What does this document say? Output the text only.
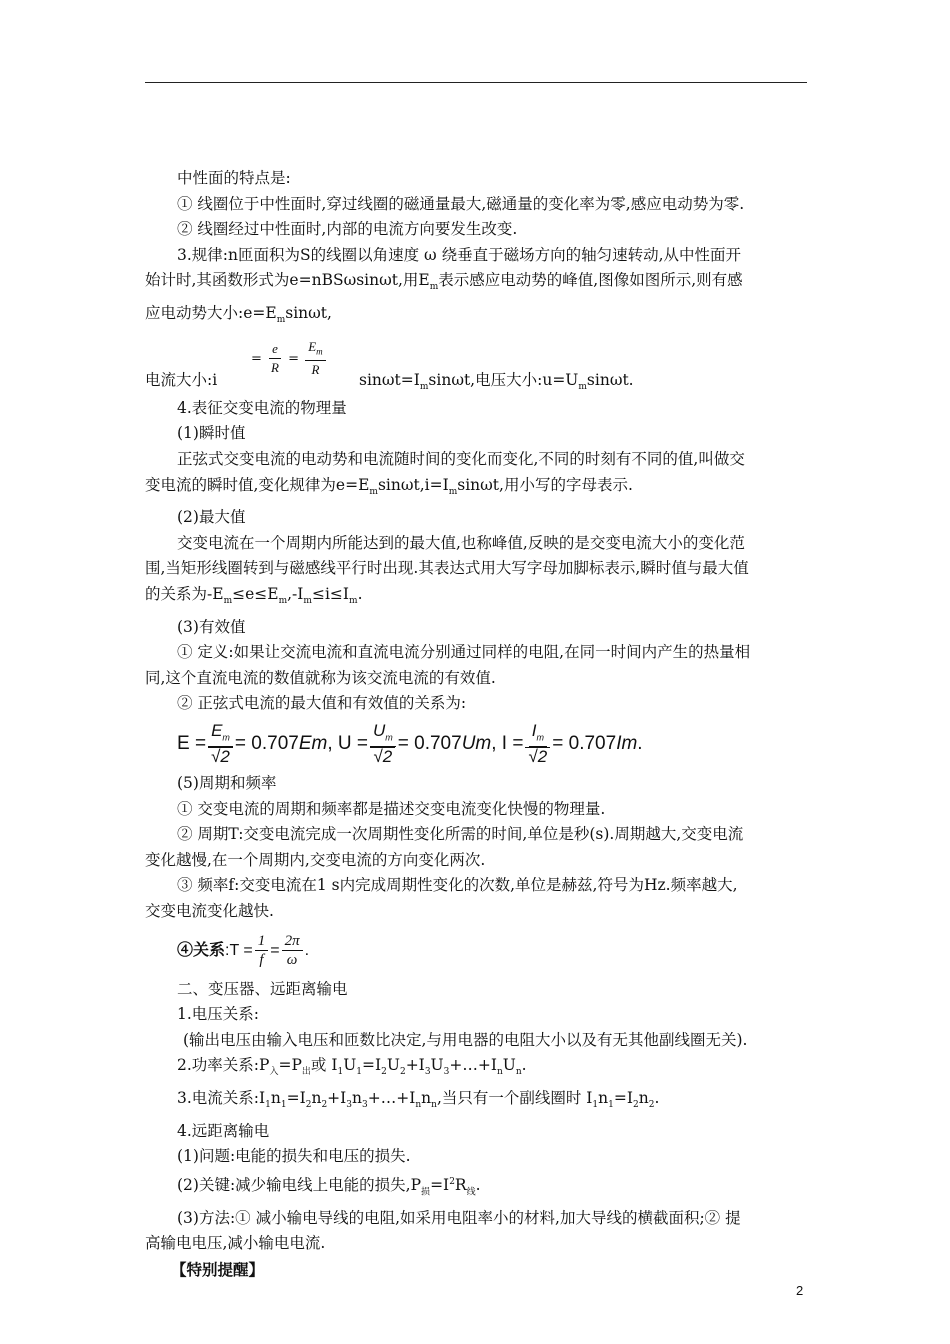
中性面的特点是:
① 线圈位于中性面时,穿过线圈的磁通量最大,磁通量的变化率为零,感应电动势为零.
② 线圈经过中性面时,内部的电流方向要发生改变.
3.规律:n匝面积为S的线圈以角速度 ω 绕垂直于磁场方向的轴匀速转动,从中性面开
始计时,其函数形式为e=nBSωsinωt,用$E_m$表示感应电动势的峰值,图像如图所示,则有感
应电动势大小$:e=E_m\sin\omega t$,
电流大小:i
= $\frac{e}{R} = \frac{E_m}{R}$
$\sin\omega t=I_m\sin\omega t$,电压大小$:u=U_m\sin\omega t$.
4.表征交变电流的物理量
(1)瞬时值
正弦式交变电流的电动势和电流随时间的变化而变化,不同的时刻有不同的值,叫做交
变电流的瞬时值,变化规律为$e=E_m\sin\omega t,i=I_m\sin\omega t$,用小写的字母表示.
(2)最大值
交变电流在一个周期内所能达到的最大值,也称峰值,反映的是交变电流大小的变化范
围,当矩形线圈转到与磁感线平行时出现.其表达式用大写字母加脚标表示,瞬时值与最大值
的关系为$-E_m\le e\le E_m,-I_m\le i\le I_m$.
(3)有效值
① 定义:如果让交流电流和直流电流分别通过同样的电阻,在同一时间内产生的热量相
同,这个直流电流的数值就称为该交流电流的有效值.
② 正弦式电流的最大值和有效值的关系为:
$E = \frac{E_m}{√2} = 0.707$ Em , $U = \frac{U_m}{√2} = 0.707$ Um , $I = \frac{I_m}{√2} = 0.707$ Im .
(5)周期和频率
① 交变电流的周期和频率都是描述交变电流变化快慢的物理量.
② 周期T:交变电流完成一次周期性变化所需的时间,单位是秒(s).周期越大,交变电流
变化越慢,在一个周期内,交变电流的方向变化两次.
③ 频率f:交变电流在1 s内完成周期性变化的次数,单位是赫兹,符号为Hz.频率越大,
交变电流变化越快.
④关系 :T = $\frac{1}{f} = \frac{2\pi}{\omega}$ .
二、变压器、远距离输电
1.电压关系:
(输出电压由输入电压和匝数比决定,与用电器的电阻大小以及有无其他副线圈无关).
2.功率关系$:P_入=P_出$或 $I_1U_1=I_2U_2+I_3U_3+\dots+I_nU_n$.
3.电流关系$:I_1n_1=I_2n_2+I_3n_3+\dots+I_nn_n$,当只有一个副线圈时 $I_1n_1=I_2n_2$.
4.远距离输电
(1)问题:电能的损失和电压的损失.
(2)关键:减少输电线上电能的损失$,P_损=I^2R_线$.
(3)方法:① 减小输电导线的电阻,如采用电阻率小的材料,加大导线的横截面积;② 提
高输电电压,减小输电电流.
【特别提醒】
2
